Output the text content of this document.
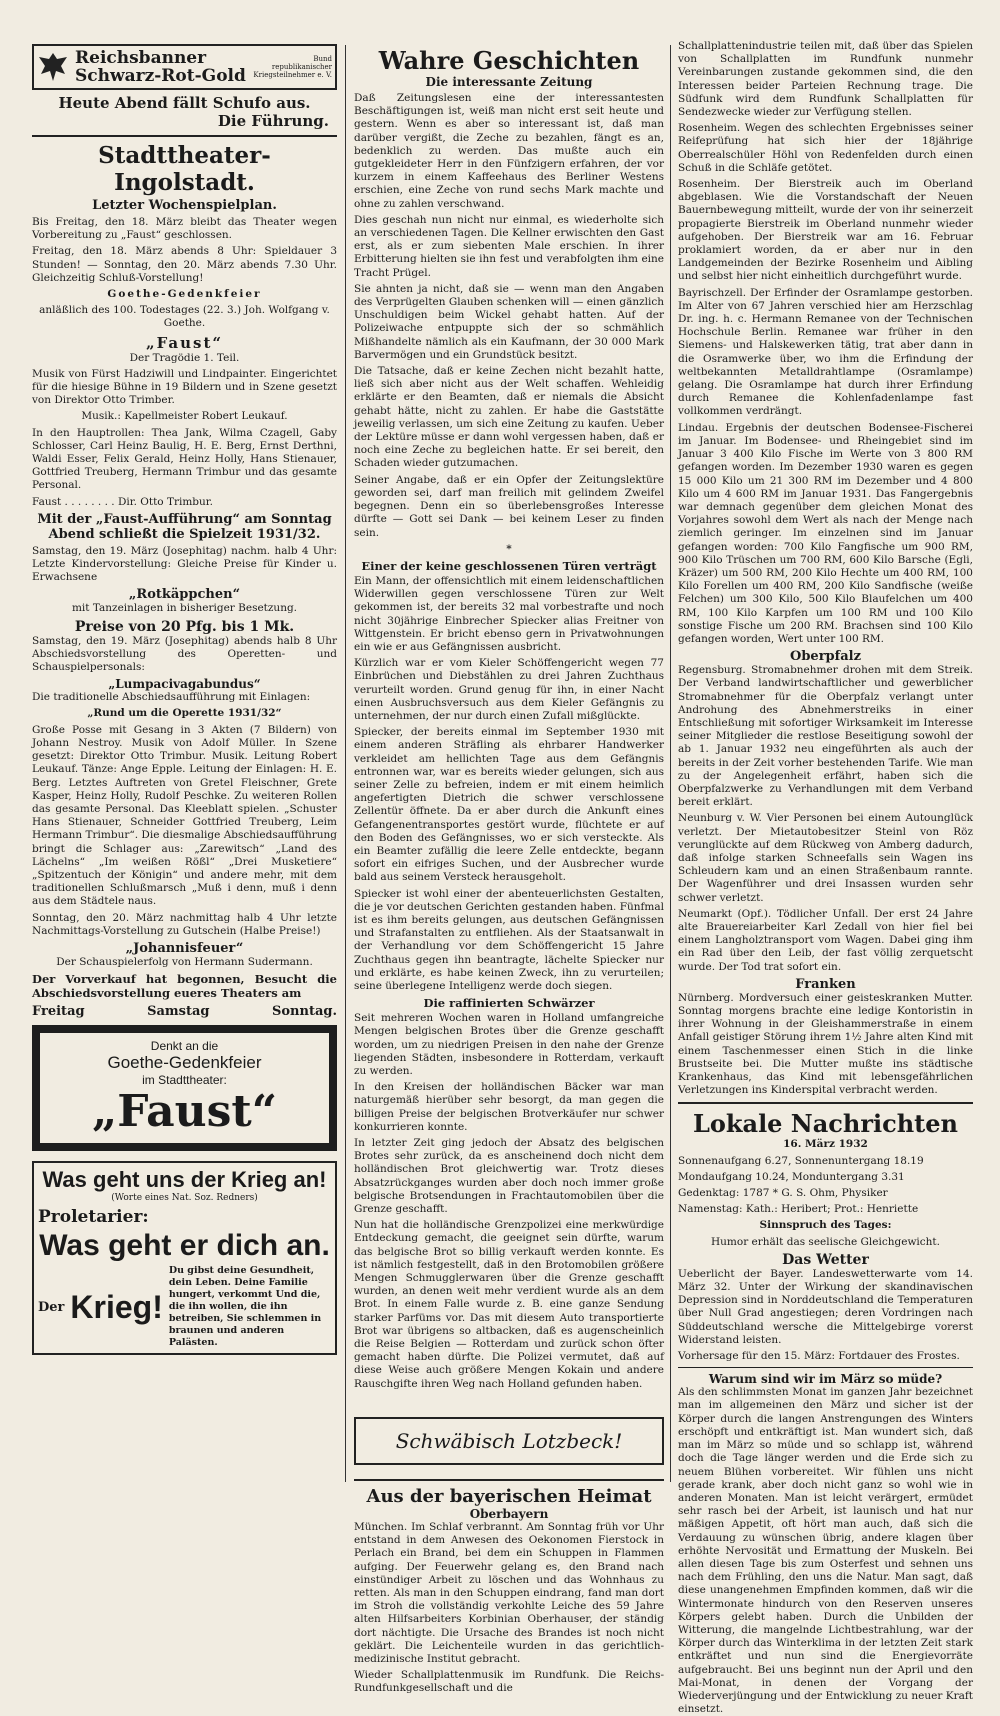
Reichsbanner Schwarz-Rot-Gold
Bund republikanischer Kriegsteilnehmer e. V.
Heute Abend fällt Schufo aus.
Die Führung.
Stadttheater-Ingolstadt.
Letzter Wochenspielplan.

Bis Freitag, den 18. März bleibt das Theater wegen Vorbereitung zu „Faust“ geschlossen.

Freitag, den 18. März abends 8 Uhr: Spieldauer 3 Stunden! — Sonntag, den 20. März abends 7.30 Uhr. Gleichzeitig Schluß-Vorstellung!

Goethe-Gedenkfeier

anläßlich des 100. Todestages (22. 3.) Joh. Wolfgang v. Goethe.

„Faust“

Der Tragödie 1. Teil.

Musik von Fürst Hadziwill und Lindpainter. Eingerichtet für die hiesige Bühne in 19 Bildern und in Szene gesetzt von Direktor Otto Trimber.

Musik.: Kapellmeister Robert Leukauf.

In den Hauptrollen: Thea Jank, Wilma Czagell, Gaby Schlosser, Carl Heinz Baulig, H. E. Berg, Ernst Derthni, Waldi Esser, Felix Gerald, Heinz Holly, Hans Stienauer, Gottfried Treuberg, Hermann Trimbur und das gesamte Personal.

Faust . . . . . . . . Dir. Otto Trimbur.

Mit der „Faust-Aufführung“ am Sonntag Abend schließt die Spielzeit 1931/32.

Samstag, den 19. März (Josephitag) nachm. halb 4 Uhr: Letzte Kindervorstellung: Gleiche Preise für Kinder u. Erwachsene

„Rotkäppchen“

mit Tanzeinlagen in bisheriger Besetzung.

Preise von 20 Pfg. bis 1 Mk.

Samstag, den 19. März (Josephitag) abends halb 8 Uhr Abschiedsvorstellung des Operetten- und Schauspielpersonals:

„Lumpacivagabundus“

Die traditionelle Abschiedsaufführung mit Einlagen:

„Rund um die Operette 1931/32“

Große Posse mit Gesang in 3 Akten (7 Bildern) von Johann Nestroy. Musik von Adolf Müller. In Szene gesetzt: Direktor Otto Trimbur. Musik. Leitung Robert Leukauf. Tänze: Ange Epple. Leitung der Einlagen: H. E. Berg. Letztes Auftreten von Gretel Fleischner, Grete Kasper, Heinz Holly, Rudolf Peschke. Zu weiteren Rollen das gesamte Personal. Das Kleeblatt spielen. „Schuster Hans Stienauer, Schneider Gottfried Treuberg, Leim Hermann Trimbur“. Die diesmalige Abschiedsaufführung bringt die Schlager aus: „Zarewitsch“ „Land des Lächelns“ „Im weißen Rößl“ „Drei Musketiere“ „Spitzentuch der Königin“ und andere mehr, mit dem traditionellen Schlußmarsch „Muß i denn, muß i denn aus dem Städtele naus.

Sonntag, den 20. März nachmittag halb 4 Uhr letzte Nachmittags-Vorstellung zu Gutschein (Halbe Preise!)

„Johannisfeuer“

Der Schauspielerfolg von Hermann Sudermann.

Der Vorverkauf hat begonnen, Besucht die Abschiedsvorstellung eueres Theaters am

Freitag	Samstag	Sonntag.
Denkt an die
Goethe-Gedenkfeier
im Stadttheater:
„Faust“
Was geht uns der Krieg an!
(Worte eines Nat. Soz. Redners)
Proletarier:
Was geht er dich an.
Der Krieg!
Du gibst deine Gesundheit, dein Leben. Deine Familie hungert, verkommt Und die, die ihn wollen, die ihn betreiben, Sie schlemmen in braunen und anderen Palästen.
Wahre Geschichten
Die interessante Zeitung

Daß Zeitungslesen eine der interessantesten Beschäftigungen ist, weiß man nicht erst seit heute und gestern. Wenn es aber so interessant ist, daß man darüber vergißt, die Zeche zu bezahlen, fängt es an, bedenklich zu werden. Das mußte auch ein gutgekleideter Herr in den Fünfzigern erfahren, der vor kurzem in einem Kaffeehaus des Berliner Westens erschien, eine Zeche von rund sechs Mark machte und ohne zu zahlen verschwand.

Dies geschah nun nicht nur einmal, es wiederholte sich an verschiedenen Tagen. Die Kellner erwischten den Gast erst, als er zum siebenten Male erschien. In ihrer Erbitterung hielten sie ihn fest und verabfolgten ihm eine Tracht Prügel.

Sie ahnten ja nicht, daß sie — wenn man den Angaben des Verprügelten Glauben schenken will — einen gänzlich Unschuldigen beim Wickel gehabt hatten. Auf der Polizeiwache entpuppte sich der so schmählich Mißhandelte nämlich als ein Kaufmann, der 30 000 Mark Barvermögen und ein Grundstück besitzt.

Die Tatsache, daß er keine Zechen nicht bezahlt hatte, ließ sich aber nicht aus der Welt schaffen. Wehleidig erklärte er den Beamten, daß er niemals die Absicht gehabt hätte, nicht zu zahlen. Er habe die Gaststätte jeweilig verlassen, um sich eine Zeitung zu kaufen. Ueber der Lektüre müsse er dann wohl vergessen haben, daß er noch eine Zeche zu begleichen hatte. Er sei bereit, den Schaden wieder gutzumachen.

Seiner Angabe, daß er ein Opfer der Zeitungslektüre geworden sei, darf man freilich mit gelindem Zweifel begegnen. Denn ein so überlebensgroßes Interesse dürfte — Gott sei Dank — bei keinem Leser zu finden sein.

*

Einer der keine geschlossenen Türen verträgt

Ein Mann, der offensichtlich mit einem leidenschaftlichen Widerwillen gegen verschlossene Türen zur Welt gekommen ist, der bereits 32 mal vorbestrafte und noch nicht 30jährige Einbrecher Spiecker alias Freitner von Wittgenstein. Er bricht ebenso gern in Privatwohnungen ein wie er aus Gefängnissen ausbricht.

Kürzlich war er vom Kieler Schöffengericht wegen 77 Einbrüchen und Diebstählen zu drei Jahren Zuchthaus verurteilt worden. Grund genug für ihn, in einer Nacht einen Ausbruchsversuch aus dem Kieler Gefängnis zu unternehmen, der nur durch einen Zufall mißglückte.

Spiecker, der bereits einmal im September 1930 mit einem anderen Sträfling als ehrbarer Handwerker verkleidet am hellichten Tage aus dem Gefängnis entronnen war, war es bereits wieder gelungen, sich aus seiner Zelle zu befreien, indem er mit einem heimlich angefertigten Dietrich die schwer verschlossene Zellentür öffnete. Da er aber durch die Ankunft eines Gefangenentransportes gestört wurde, flüchtete er auf den Boden des Gefängnisses, wo er sich versteckte. Als ein Beamter zufällig die leere Zelle entdeckte, begann sofort ein eifriges Suchen, und der Ausbrecher wurde bald aus seinem Versteck herausgeholt.

Spiecker ist wohl einer der abenteuerlichsten Gestalten, die je vor deutschen Gerichten gestanden haben. Fünfmal ist es ihm bereits gelungen, aus deutschen Gefängnissen und Strafanstalten zu entfliehen. Als der Staatsanwalt in der Verhandlung vor dem Schöffengericht 15 Jahre Zuchthaus gegen ihn beantragte, lächelte Spiecker nur und erklärte, es habe keinen Zweck, ihn zu verurteilen; seine überlegene Intelligenz werde doch siegen.

Die raffinierten Schwärzer

Seit mehreren Wochen waren in Holland umfangreiche Mengen belgischen Brotes über die Grenze geschafft worden, um zu niedrigen Preisen in den nahe der Grenze liegenden Städten, insbesondere in Rotterdam, verkauft zu werden.

In den Kreisen der holländischen Bäcker war man naturgemäß hierüber sehr besorgt, da man gegen die billigen Preise der belgischen Brotverkäufer nur schwer konkurrieren konnte.

In letzter Zeit ging jedoch der Absatz des belgischen Brotes sehr zurück, da es anscheinend doch nicht dem holländischen Brot gleichwertig war. Trotz dieses Absatzrückganges wurden aber doch noch immer große belgische Brotsendungen in Frachtautomobilen über die Grenze geschafft.

Nun hat die holländische Grenzpolizei eine merkwürdige Entdeckung gemacht, die geeignet sein dürfte, warum das belgische Brot so billig verkauft werden konnte. Es ist nämlich festgestellt, daß in den Brotomobilen größere Mengen Schmugglerwaren über die Grenze geschafft wurden, an denen weit mehr verdient wurde als an dem Brot. In einem Falle wurde z. B. eine ganze Sendung starker Parfüms vor. Das mit diesem Auto transportierte Brot war übrigens so altbacken, daß es augenscheinlich die Reise Belgien — Rotterdam und zurück schon öfter gemacht haben dürfte. Die Polizei vermutet, daß auf diese Weise auch größere Mengen Kokain und andere Rauschgifte ihren Weg nach Holland gefunden haben.

Schwäbisch Lotzbeck!
Aus der bayerischen Heimat
Oberbayern

München. Im Schlaf verbrannt. Am Sonntag früh vor Uhr entstand in dem Anwesen des Oekonomen Fierstock in Perlach ein Brand, bei dem ein Schuppen in Flammen aufging. Der Feuerwehr gelang es, den Brand nach einstündiger Arbeit zu löschen und das Wohnhaus zu retten. Als man in den Schuppen eindrang, fand man dort im Stroh die vollständig verkohlte Leiche des 59 Jahre alten Hilfsarbeiters Korbinian Oberhauser, der ständig dort nächtigte. Die Ursache des Brandes ist noch nicht geklärt. Die Leichenteile wurden in das gerichtlich-medizinische Institut gebracht.

Wieder Schallplattenmusik im Rundfunk. Die Reichs-Rundfunkgesellschaft und die

Schallplattenindustrie teilen mit, daß über das Spielen von Schallplatten im Rundfunk nunmehr Vereinbarungen zustande gekommen sind, die den Interessen beider Parteien Rechnung trage. Die Südfunk wird dem Rundfunk Schallplatten für Sendezwecke wieder zur Verfügung stellen.

Rosenheim. Wegen des schlechten Ergebnisses seiner Reifeprüfung hat sich hier der 18jährige Oberrealschüler Höhl von Redenfelden durch einen Schuß in die Schläfe getötet.

Rosenheim. Der Bierstreik auch im Oberland abgeblasen. Wie die Vorstandschaft der Neuen Bauernbewegung mitteilt, wurde der von ihr seinerzeit propagierte Bierstreik im Oberland nunmehr wieder aufgehoben. Der Bierstreik war am 16. Februar proklamiert worden, da er aber nur in den Landgemeinden der Bezirke Rosenheim und Aibling und selbst hier nicht einheitlich durchgeführt wurde.

Bayrischzell. Der Erfinder der Osramlampe gestorben. Im Alter von 67 Jahren verschied hier am Herzschlag Dr. ing. h. c. Hermann Remanee von der Technischen Hochschule Berlin. Remanee war früher in den Siemens- und Halskewerken tätig, trat aber dann in die Osramwerke über, wo ihm die Erfindung der weltbekannten Metalldrahtlampe (Osramlampe) gelang. Die Osramlampe hat durch ihrer Erfindung durch Remanee die Kohlenfadenlampe fast vollkommen verdrängt.

Lindau. Ergebnis der deutschen Bodensee-Fischerei im Januar. Im Bodensee- und Rheingebiet sind im Januar 3 400 Kilo Fische im Werte von 3 800 RM gefangen worden. Im Dezember 1930 waren es gegen 15 000 Kilo um 21 300 RM im Dezember und 4 800 Kilo um 4 600 RM im Januar 1931. Das Fangergebnis war demnach gegenüber dem gleichen Monat des Vorjahres sowohl dem Wert als nach der Menge nach ziemlich geringer. Im einzelnen sind im Januar gefangen worden: 700 Kilo Fangfische um 900 RM, 900 Kilo Trüschen um 700 RM, 600 Kilo Barsche (Egli, Kräzer) um 500 RM, 200 Kilo Hechte um 400 RM, 100 Kilo Forellen um 400 RM, 200 Kilo Sandfische (weiße Felchen) um 300 Kilo, 500 Kilo Blaufelchen um 400 RM, 100 Kilo Karpfen um 100 RM und 100 Kilo sonstige Fische um 200 RM. Brachsen sind 100 Kilo gefangen worden, Wert unter 100 RM.

Oberpfalz

Regensburg. Stromabnehmer drohen mit dem Streik. Der Verband landwirtschaftlicher und gewerblicher Stromabnehmer für die Oberpfalz verlangt unter Androhung des Abnehmerstreiks in einer Entschließung mit sofortiger Wirksamkeit im Interesse seiner Mitglieder die restlose Beseitigung sowohl der ab 1. Januar 1932 neu eingeführten als auch der bereits in der Zeit vorher bestehenden Tarife. Wie man zu der Angelegenheit erfährt, haben sich die Oberpfalzwerke zu Verhandlungen mit dem Verband bereit erklärt.

Neunburg v. W. Vier Personen bei einem Autounglück verletzt. Der Mietautobesitzer Steinl von Röz verunglückte auf dem Rückweg von Amberg dadurch, daß infolge starken Schneefalls sein Wagen ins Schleudern kam und an einen Straßenbaum rannte. Der Wagenführer und drei Insassen wurden sehr schwer verletzt.

Neumarkt (Opf.). Tödlicher Unfall. Der erst 24 Jahre alte Brauereiarbeiter Karl Zedall von hier fiel bei einem Langholztransport vom Wagen. Dabei ging ihm ein Rad über den Leib, der fast völlig zerquetscht wurde. Der Tod trat sofort ein.

Franken

Nürnberg. Mordversuch einer geisteskranken Mutter. Sonntag morgens brachte eine ledige Kontoristin in ihrer Wohnung in der Gleishammerstraße in einem Anfall geistiger Störung ihrem 1½ Jahre alten Kind mit einem Taschenmesser einen Stich in die linke Brustseite bei. Die Mutter mußte ins städtische Krankenhaus, das Kind mit lebensgefährlichen Verletzungen ins Kinderspital verbracht werden.

Lokale Nachrichten

16. März 1932

Sonnenaufgang 6.27, Sonnenuntergang 18.19

Mondaufgang 10.24, Monduntergang 3.31

Gedenktag: 1787 * G. S. Ohm, Physiker

Namenstag: Kath.: Heribert; Prot.: Henriette

Sinnspruch des Tages:

Humor erhält das seelische Gleichgewicht.

Das Wetter

Ueberlicht der Bayer. Landeswetterwarte vom 14. März 32. Unter der Wirkung der skandinavischen Depression sind in Norddeutschland die Temperaturen über Null Grad angestiegen; deren Vordringen nach Süddeutschland wersche die Mittelgebirge vorerst Widerstand leisten.

Vorhersage für den 15. März: Fortdauer des Frostes.

Warum sind wir im März so müde?

Als den schlimmsten Monat im ganzen Jahr bezeichnet man im allgemeinen den März und sicher ist der Körper durch die langen Anstrengungen des Winters erschöpft und entkräftigt ist. Man wundert sich, daß man im März so müde und so schlapp ist, während doch die Tage länger werden und die Erde sich zu neuem Blühen vorbereitet. Wir fühlen uns nicht gerade krank, aber doch nicht ganz so wohl wie in anderen Monaten. Man ist leicht verärgert, ermüdet sehr rasch bei der Arbeit, ist launisch und hat nur mäßigen Appetit, oft hört man auch, daß sich die Verdauung zu wünschen übrig, andere klagen über erhöhte Nervosität und Ermattung der Muskeln. Bei allen diesen Tage bis zum Osterfest und sehnen uns nach dem Frühling, den uns die Natur. Man sagt, daß diese unangenehmen Empfinden kommen, daß wir die Wintermonate hindurch von den Reserven unseres Körpers gelebt haben. Durch die Unbilden der Witterung, die mangelnde Lichtbestrahlung, war der Körper durch das Winterklima in der letzten Zeit stark entkräftet und nun sind die Energievorräte aufgebraucht. Bei uns beginnt nun der April und den Mai-Monat, in denen der Vorgang der Wiederverjüngung und der Entwicklung zu neuer Kraft einsetzt.
